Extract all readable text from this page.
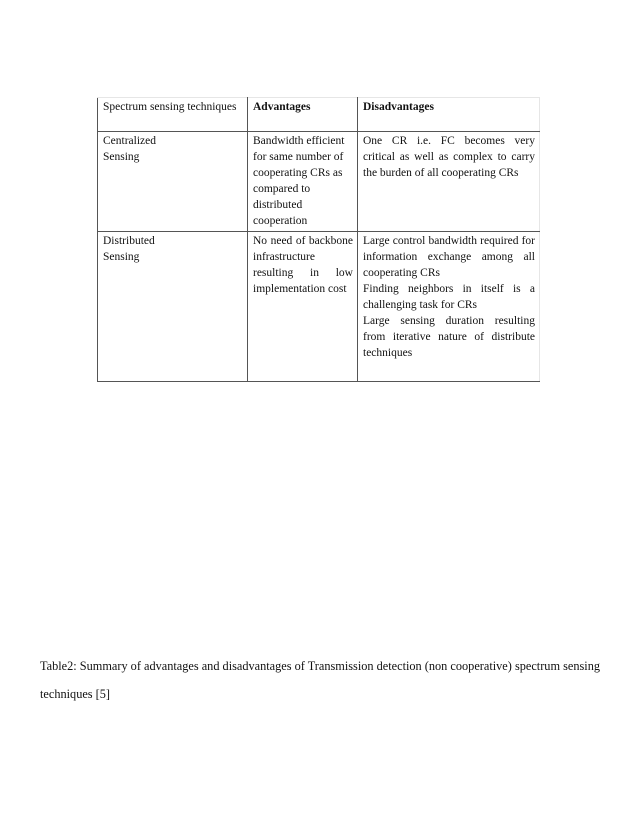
Spectrum sensing techniques	Advantages	Disadvantages

Centralized Sensing	Bandwidth efficient for same number of cooperating CRs as compared to distributed cooperation	One CR i.e. FC becomes very critical as well as complex to carry the burden of all cooperating CRs

Distributed Sensing	No need of backbone infrastructure resulting in low implementation cost	Large control bandwidth required for information exchange among all cooperating CRs
Finding neighbors in itself is a challenging task for CRs
Large sensing duration resulting from iterative nature of distribute techniques
Table2: Summary of advantages and disadvantages of Transmission detection (non cooperative) spectrum sensing techniques [5]
